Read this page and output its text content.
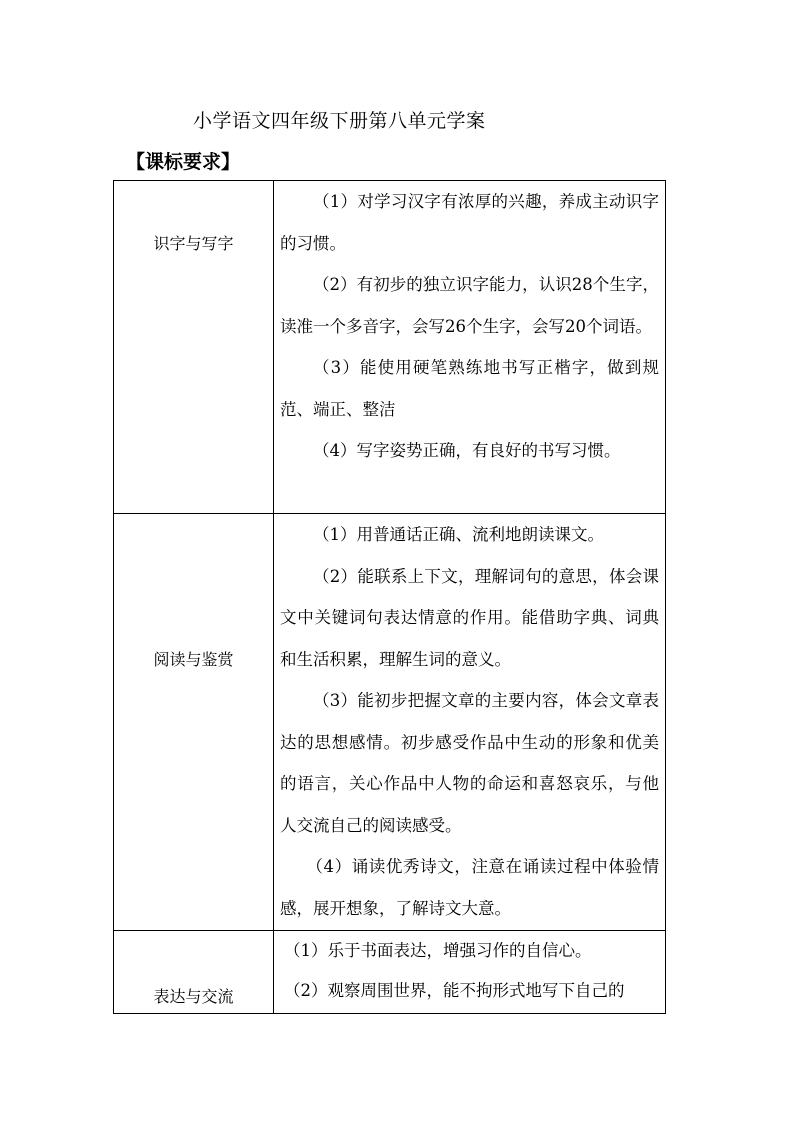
小学语文四年级下册第八单元学案
【课标要求】
识字与写字	（1）对学习汉字有浓厚的兴趣，养成主动识字的习惯。

（2）有初步的独立识字能力，认识28个生字，读准一个多音字，会写26个生字，会写20个词语。

（3）能使用硬笔熟练地书写正楷字，做到规范、端正、整洁

（4）写字姿势正确，有良好的书写习惯。

阅读与鉴赏	（1）用普通话正确、流利地朗读课文。

（2）能联系上下文，理解词句的意思，体会课文中关键词句表达情意的作用。能借助字典、词典和生活积累，理解生词的意义。

（3）能初步把握文章的主要内容，体会文章表达的思想感情。初步感受作品中生动的形象和优美的语言，关心作品中人物的命运和喜怒哀乐，与他人交流自己的阅读感受。

（4）诵读优秀诗文，注意在诵读过程中体验情感，展开想象，了解诗文大意。

表达与交流	（1）乐于书面表达，增强习作的自信心。

（2）观察周围世界，能不拘形式地写下自己的
